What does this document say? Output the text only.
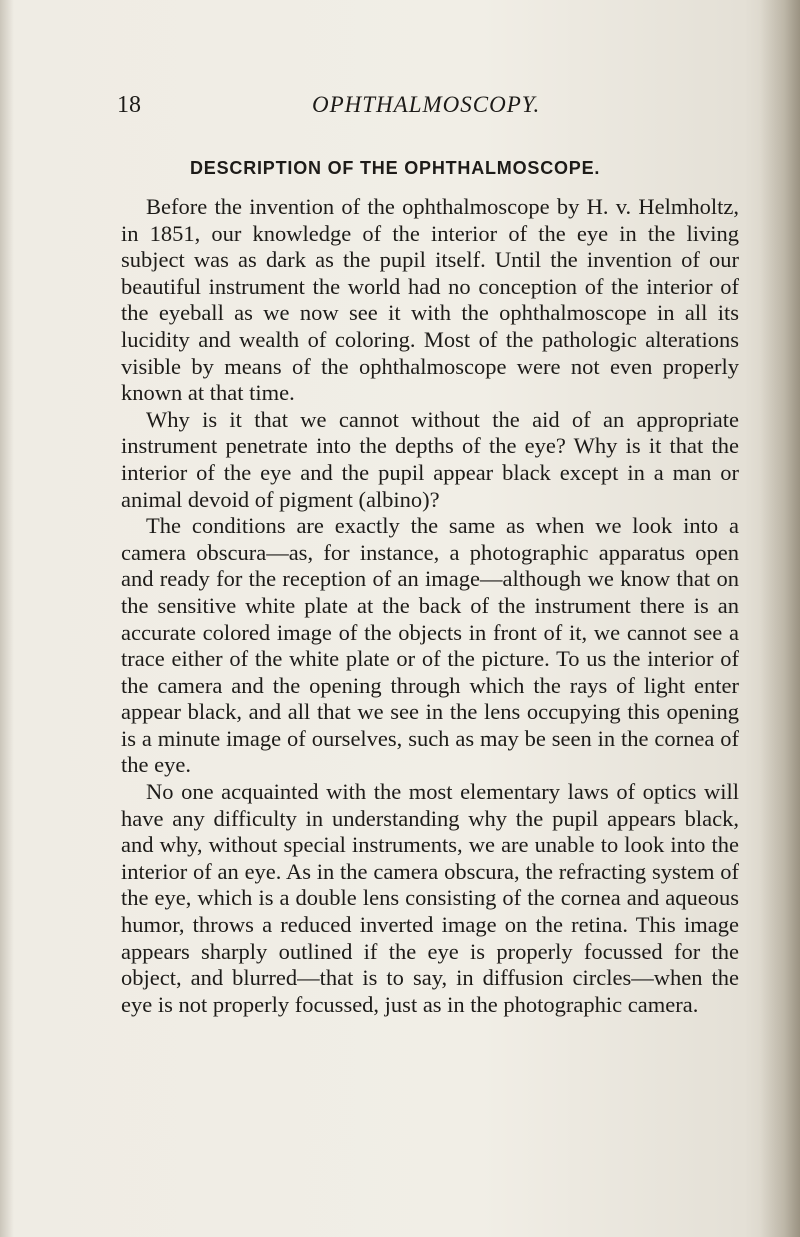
18	OPHTHALMOSCOPY.
DESCRIPTION OF THE OPHTHALMOSCOPE.

Before the invention of the ophthalmoscope by H. v. Helmholtz, in 1851, our knowledge of the interior of the eye in the living subject was as dark as the pupil itself. Until the invention of our beautiful instrument the world had no conception of the interior of the eyeball as we now see it with the ophthalmoscope in all its lucidity and wealth of coloring. Most of the pathologic alterations visible by means of the ophthalmoscope were not even properly known at that time.

Why is it that we cannot without the aid of an appropriate instrument penetrate into the depths of the eye? Why is it that the interior of the eye and the pupil appear black except in a man or animal devoid of pigment (albino)?

The conditions are exactly the same as when we look into a camera obscura—as, for instance, a photographic apparatus open and ready for the reception of an image—although we know that on the sensitive white plate at the back of the instrument there is an accurate colored image of the objects in front of it, we cannot see a trace either of the white plate or of the picture. To us the interior of the camera and the opening through which the rays of light enter appear black, and all that we see in the lens occupying this opening is a minute image of ourselves, such as may be seen in the cornea of the eye.

No one acquainted with the most elementary laws of optics will have any difficulty in understanding why the pupil appears black, and why, without special instruments, we are unable to look into the interior of an eye. As in the camera obscura, the refracting system of the eye, which is a double lens consisting of the cornea and aqueous humor, throws a reduced inverted image on the retina. This image appears sharply outlined if the eye is properly focussed for the object, and blurred—that is to say, in diffusion circles—when the eye is not properly focussed, just as in the photographic camera.
